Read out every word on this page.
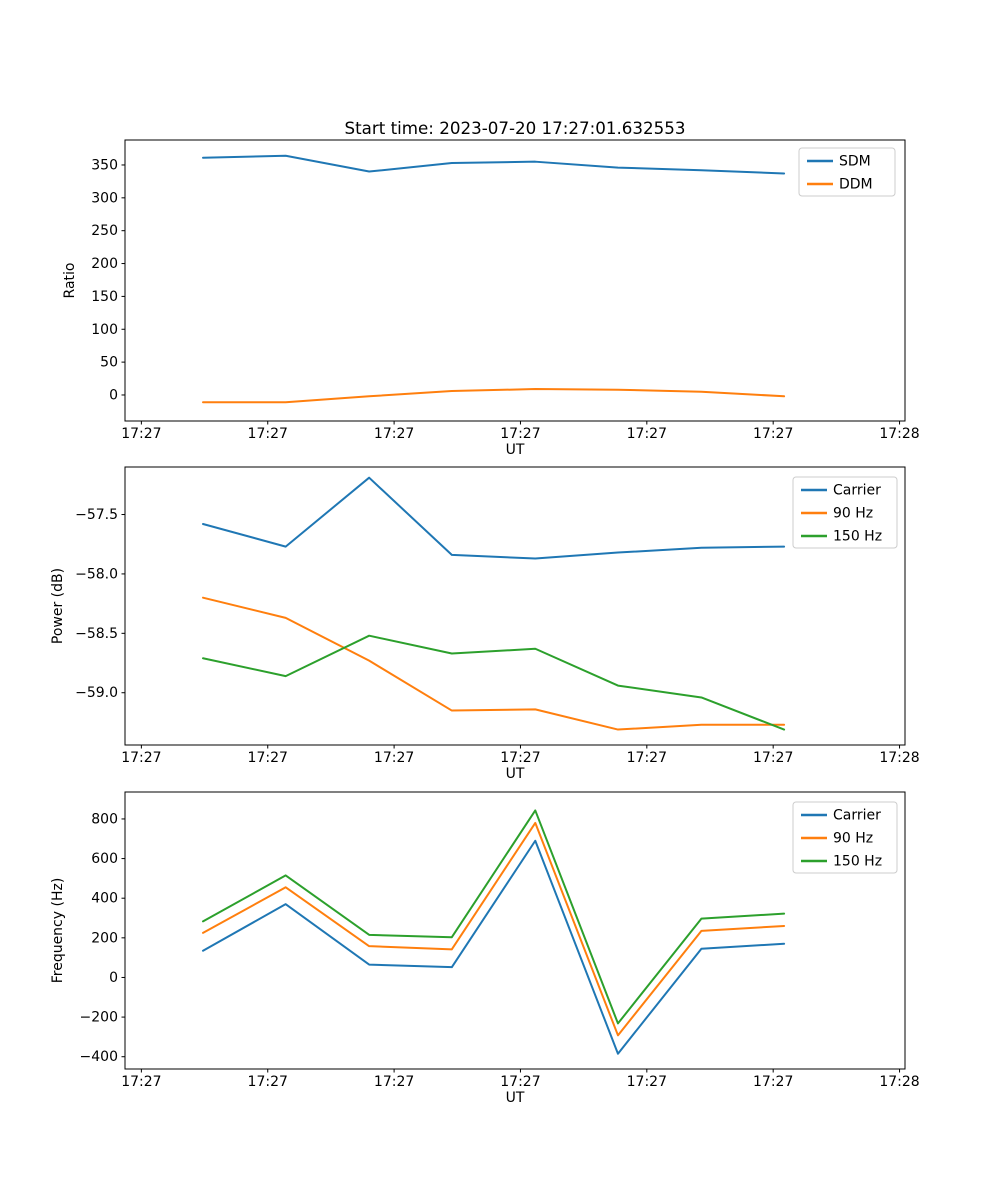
Start time: 2023-07-20 17:27:01.632553
17:27	17:27	17:27	17:27	17:27	17:27	17:28
0
50
100
150
200
250
300
350
UT
Ratio
SDM
DDM
17:27	17:27	17:27	17:27	17:27	17:27	17:28
−57.5
−58.0
−58.5
−59.0
UT
Power (dB)
Carrier
90 Hz
150 Hz
17:27	17:27	17:27	17:27	17:27	17:27	17:28
800
600
400
200
0
−200
−400
UT
Frequency (Hz)
Carrier
90 Hz
150 Hz
